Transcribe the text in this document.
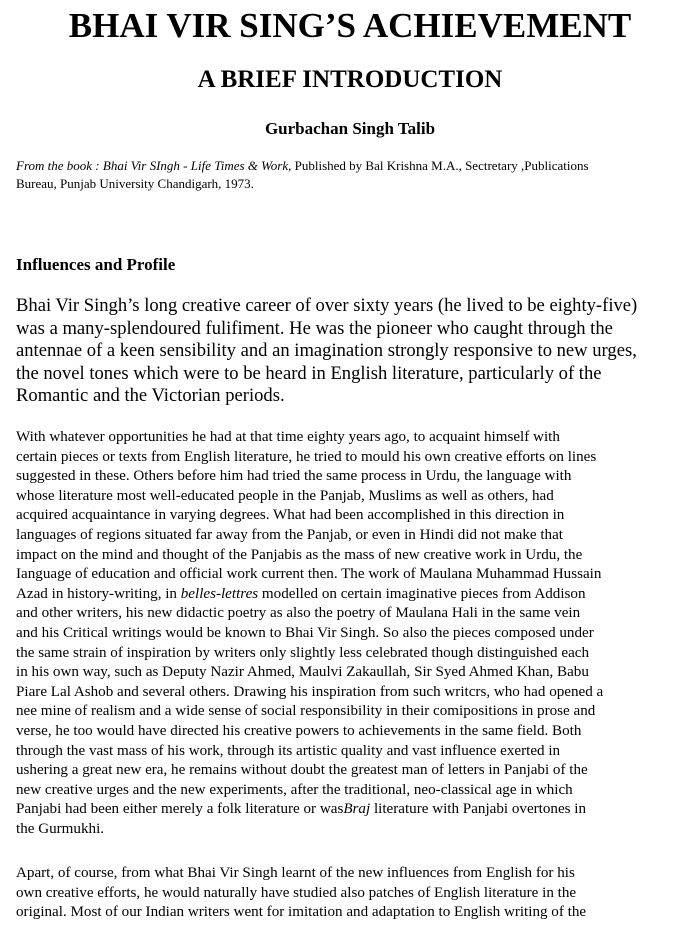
BHAI VIR SING’S ACHIEVEMENT
A BRIEF INTRODUCTION
Gurbachan Singh Talib

From the book : Bhai Vir SIngh - Life Times & Work, Published by Bal Krishna M.A., Sectretary ,Publications
Bureau, Punjab University Chandigarh, 1973.

Influences and Profile

Bhai Vir Singh’s long creative career of over sixty years (he lived to be eighty-five)
was a many-splendoured fulifiment. He was the pioneer who caught through the
antennae of a keen sensibility and an imagination strongly responsive to new urges,
the novel tones which were to be heard in English literature, particularly of the
Romantic and the Victorian periods.

With whatever opportunities he had at that time eighty years ago, to acquaint himself with
certain pieces or texts from English literature, he tried to mould his own creative efforts on lines
suggested in these. Others before him had tried the same process in Urdu, the language with
whose literature most well-educated people in the Panjab, Muslims as well as others, had
acquired acquaintance in varying degrees. What had been accomplished in this direction in
languages of regions situated far away from the Panjab, or even in Hindi did not make that
impact on the mind and thought of the Panjabis as the mass of new creative work in Urdu, the
Ianguage of education and official work current then. The work of Maulana Muhammad Hussain
Azad in history-writing, in belles-lettres modelled on certain imaginative pieces from Addison
and other writers, his new didactic poetry as also the poetry of Maulana Hali in the same vein
and his Critical writings would be known to Bhai Vir Singh. So also the pieces composed under
the same strain of inspiration by writers only slightly less celebrated though distinguished each
in his own way, such as Deputy Nazir Ahmed, Maulvi Zakaullah, Sir Syed Ahmed Khan, Babu
Piare Lal Ashob and several others. Drawing his inspiration from such writcrs, who had opened a
nee mine of realism and a wide sense of social responsibility in their comipositions in prose and
verse, he too would have directed his creative powers to achievements in the same field. Both
through the vast mass of his work, through its artistic quality and vast influence exerted in
ushering a great new era, he remains without doubt the greatest man of letters in Panjabi of the
new creative urges and the new experiments, after the traditional, neo-classical age in which
Panjabi had been either merely a folk literature or wasBraj literature with Panjabi overtones in
the Gurmukhi.

Apart, of course, from what Bhai Vir Singh learnt of the new influences from English for his
own creative efforts, he would naturally have studied also patches of English literature in the
original. Most of our Indian writers went for imitation and adaptation to English writing of the
